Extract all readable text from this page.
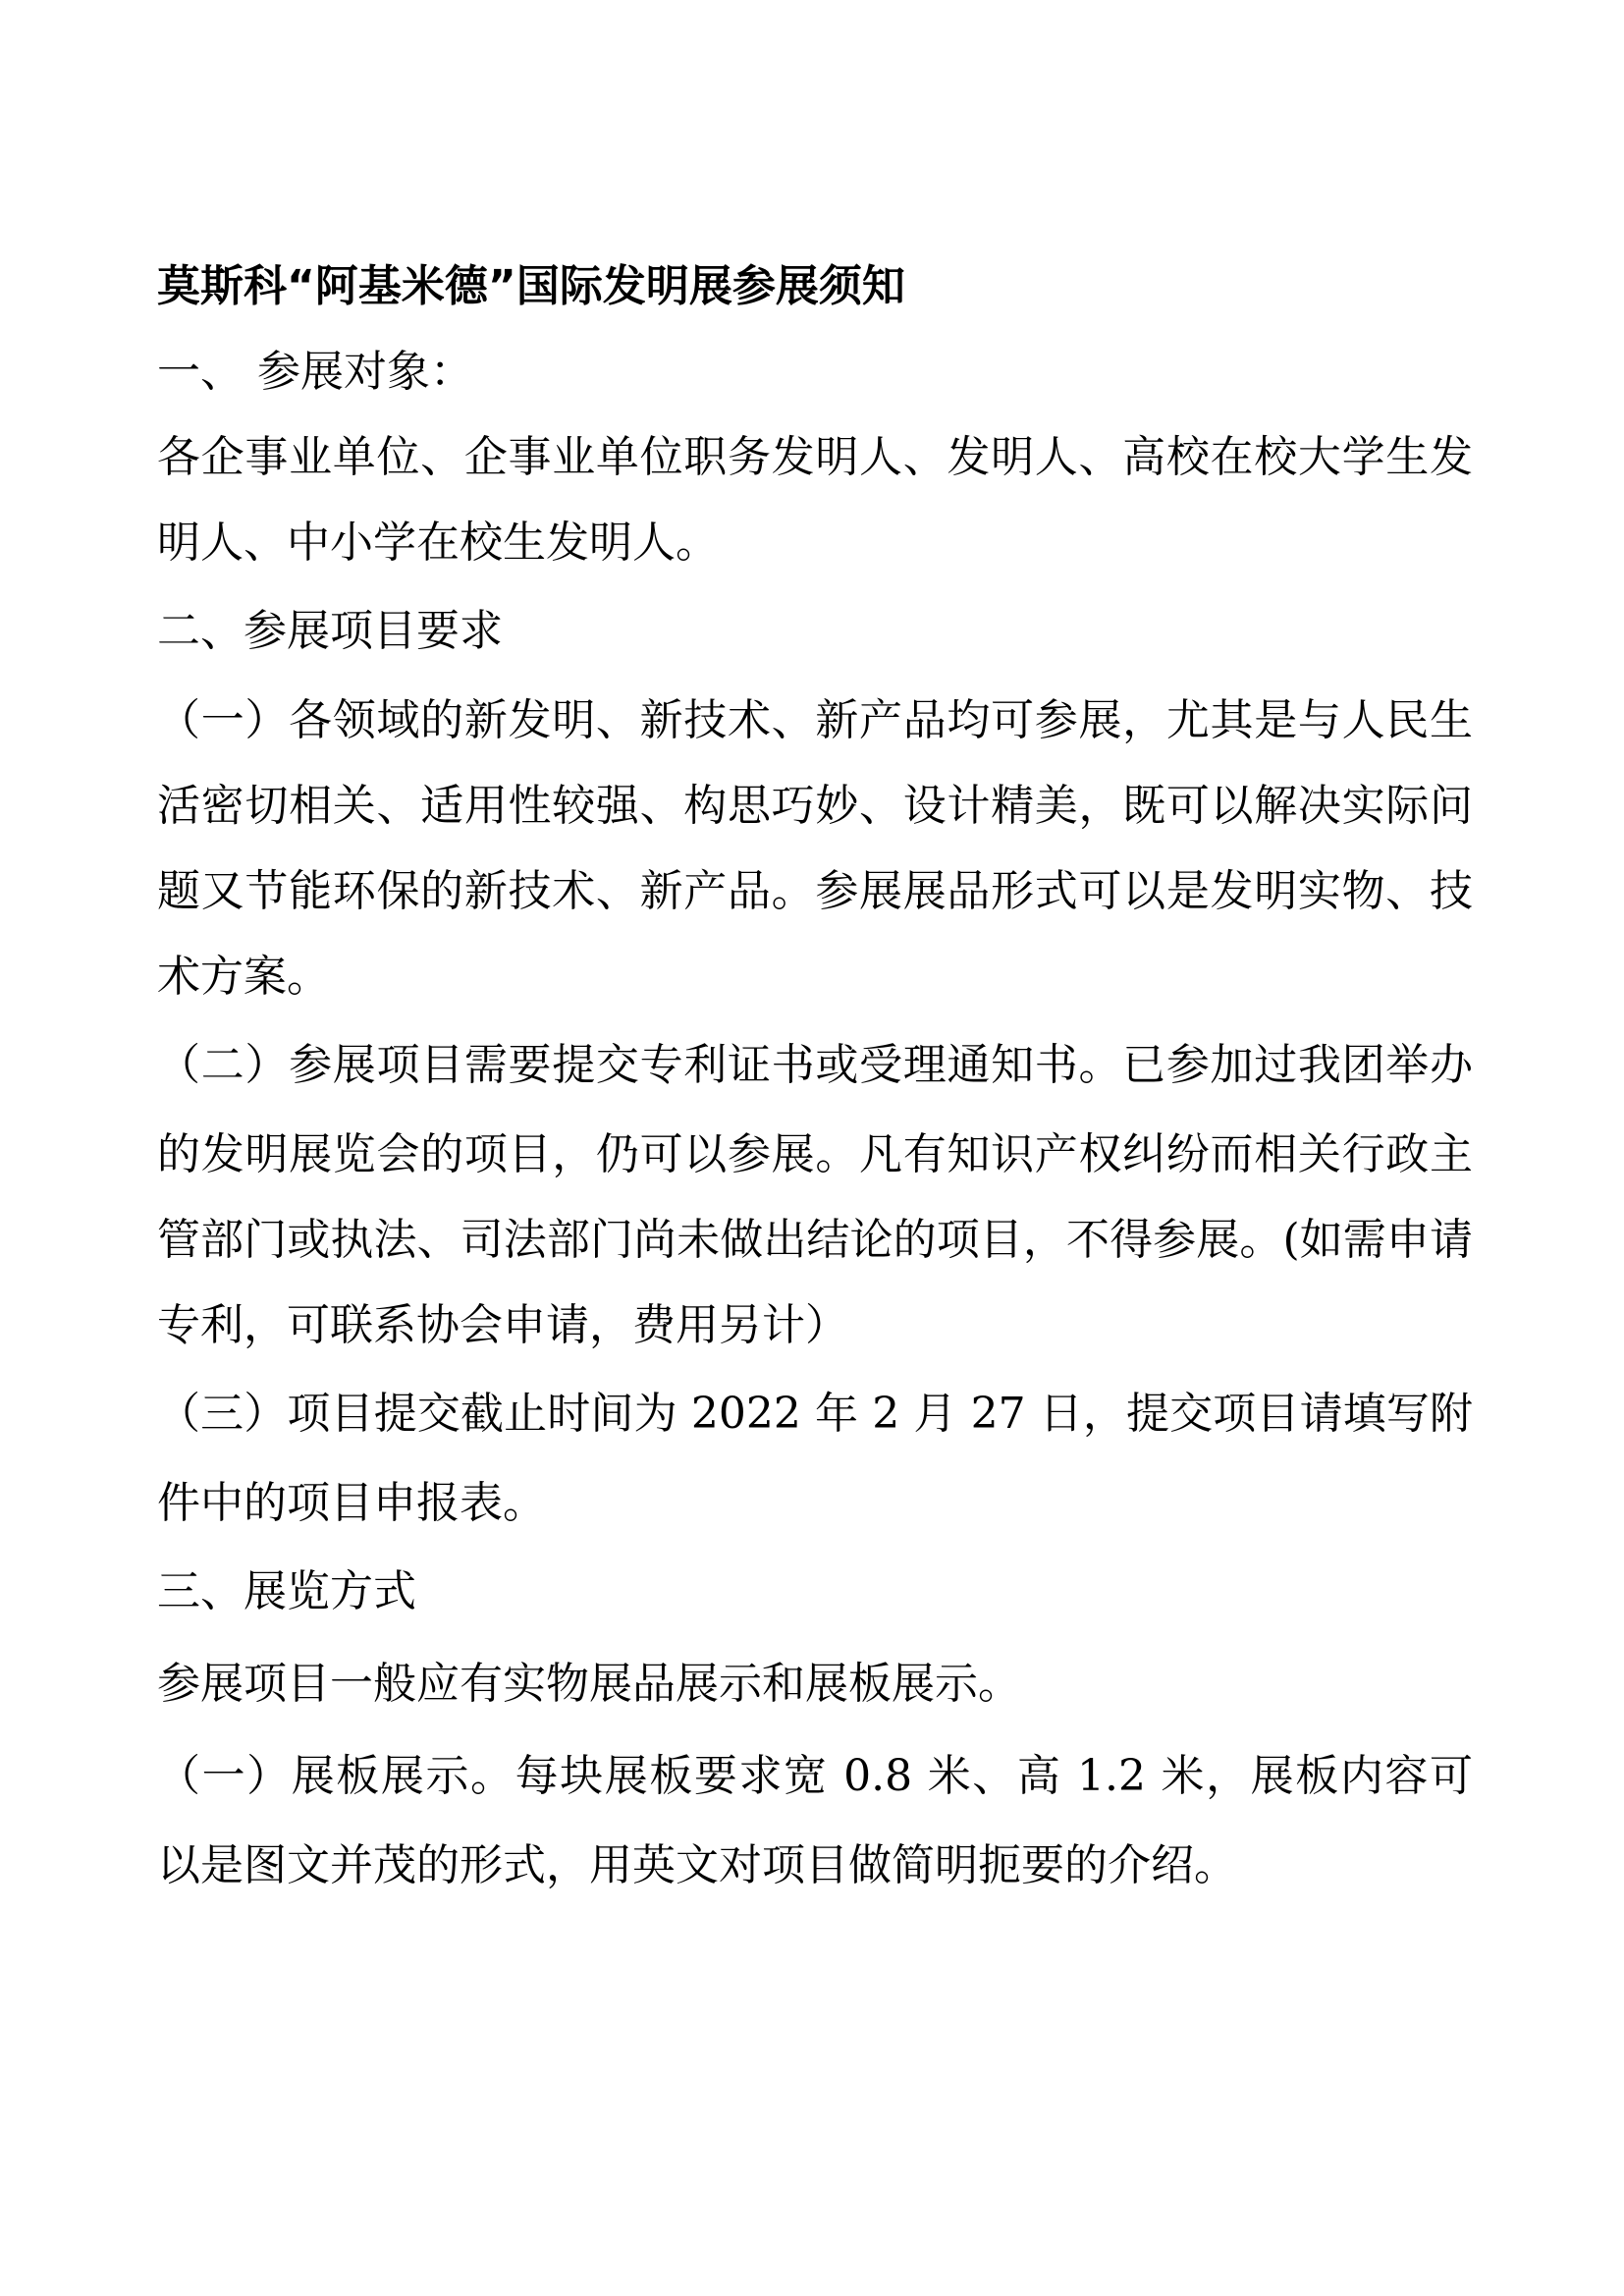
莫斯科“阿基米德”国际发明展参展须知
一、 参展对象：
各企事业单位、企事业单位职务发明人、发明人、高校在校大学生发
明人、中小学在校生发明人。
二、参展项目要求
（一）各领域的新发明、新技术、新产品均可参展，尤其是与人民生
活密切相关、适用性较强、构思巧妙、设计精美，既可以解决实际问
题又节能环保的新技术、新产品。参展展品形式可以是发明实物、技
术方案。
（二）参展项目需要提交专利证书或受理通知书。已参加过我团举办
的发明展览会的项目，仍可以参展。凡有知识产权纠纷而相关行政主
管部门或执法、司法部门尚未做出结论的项目，不得参展。(如需申请
专利，可联系协会申请，费用另计）
（三）项目提交截止时间为 2022 年 2 月 27 日，提交项目请填写附
件中的项目申报表。
三、展览方式
参展项目一般应有实物展品展示和展板展示。
（一）展板展示。每块展板要求宽 0.8 米、高 1.2 米，展板内容可
以是图文并茂的形式，用英文对项目做简明扼要的介绍。
